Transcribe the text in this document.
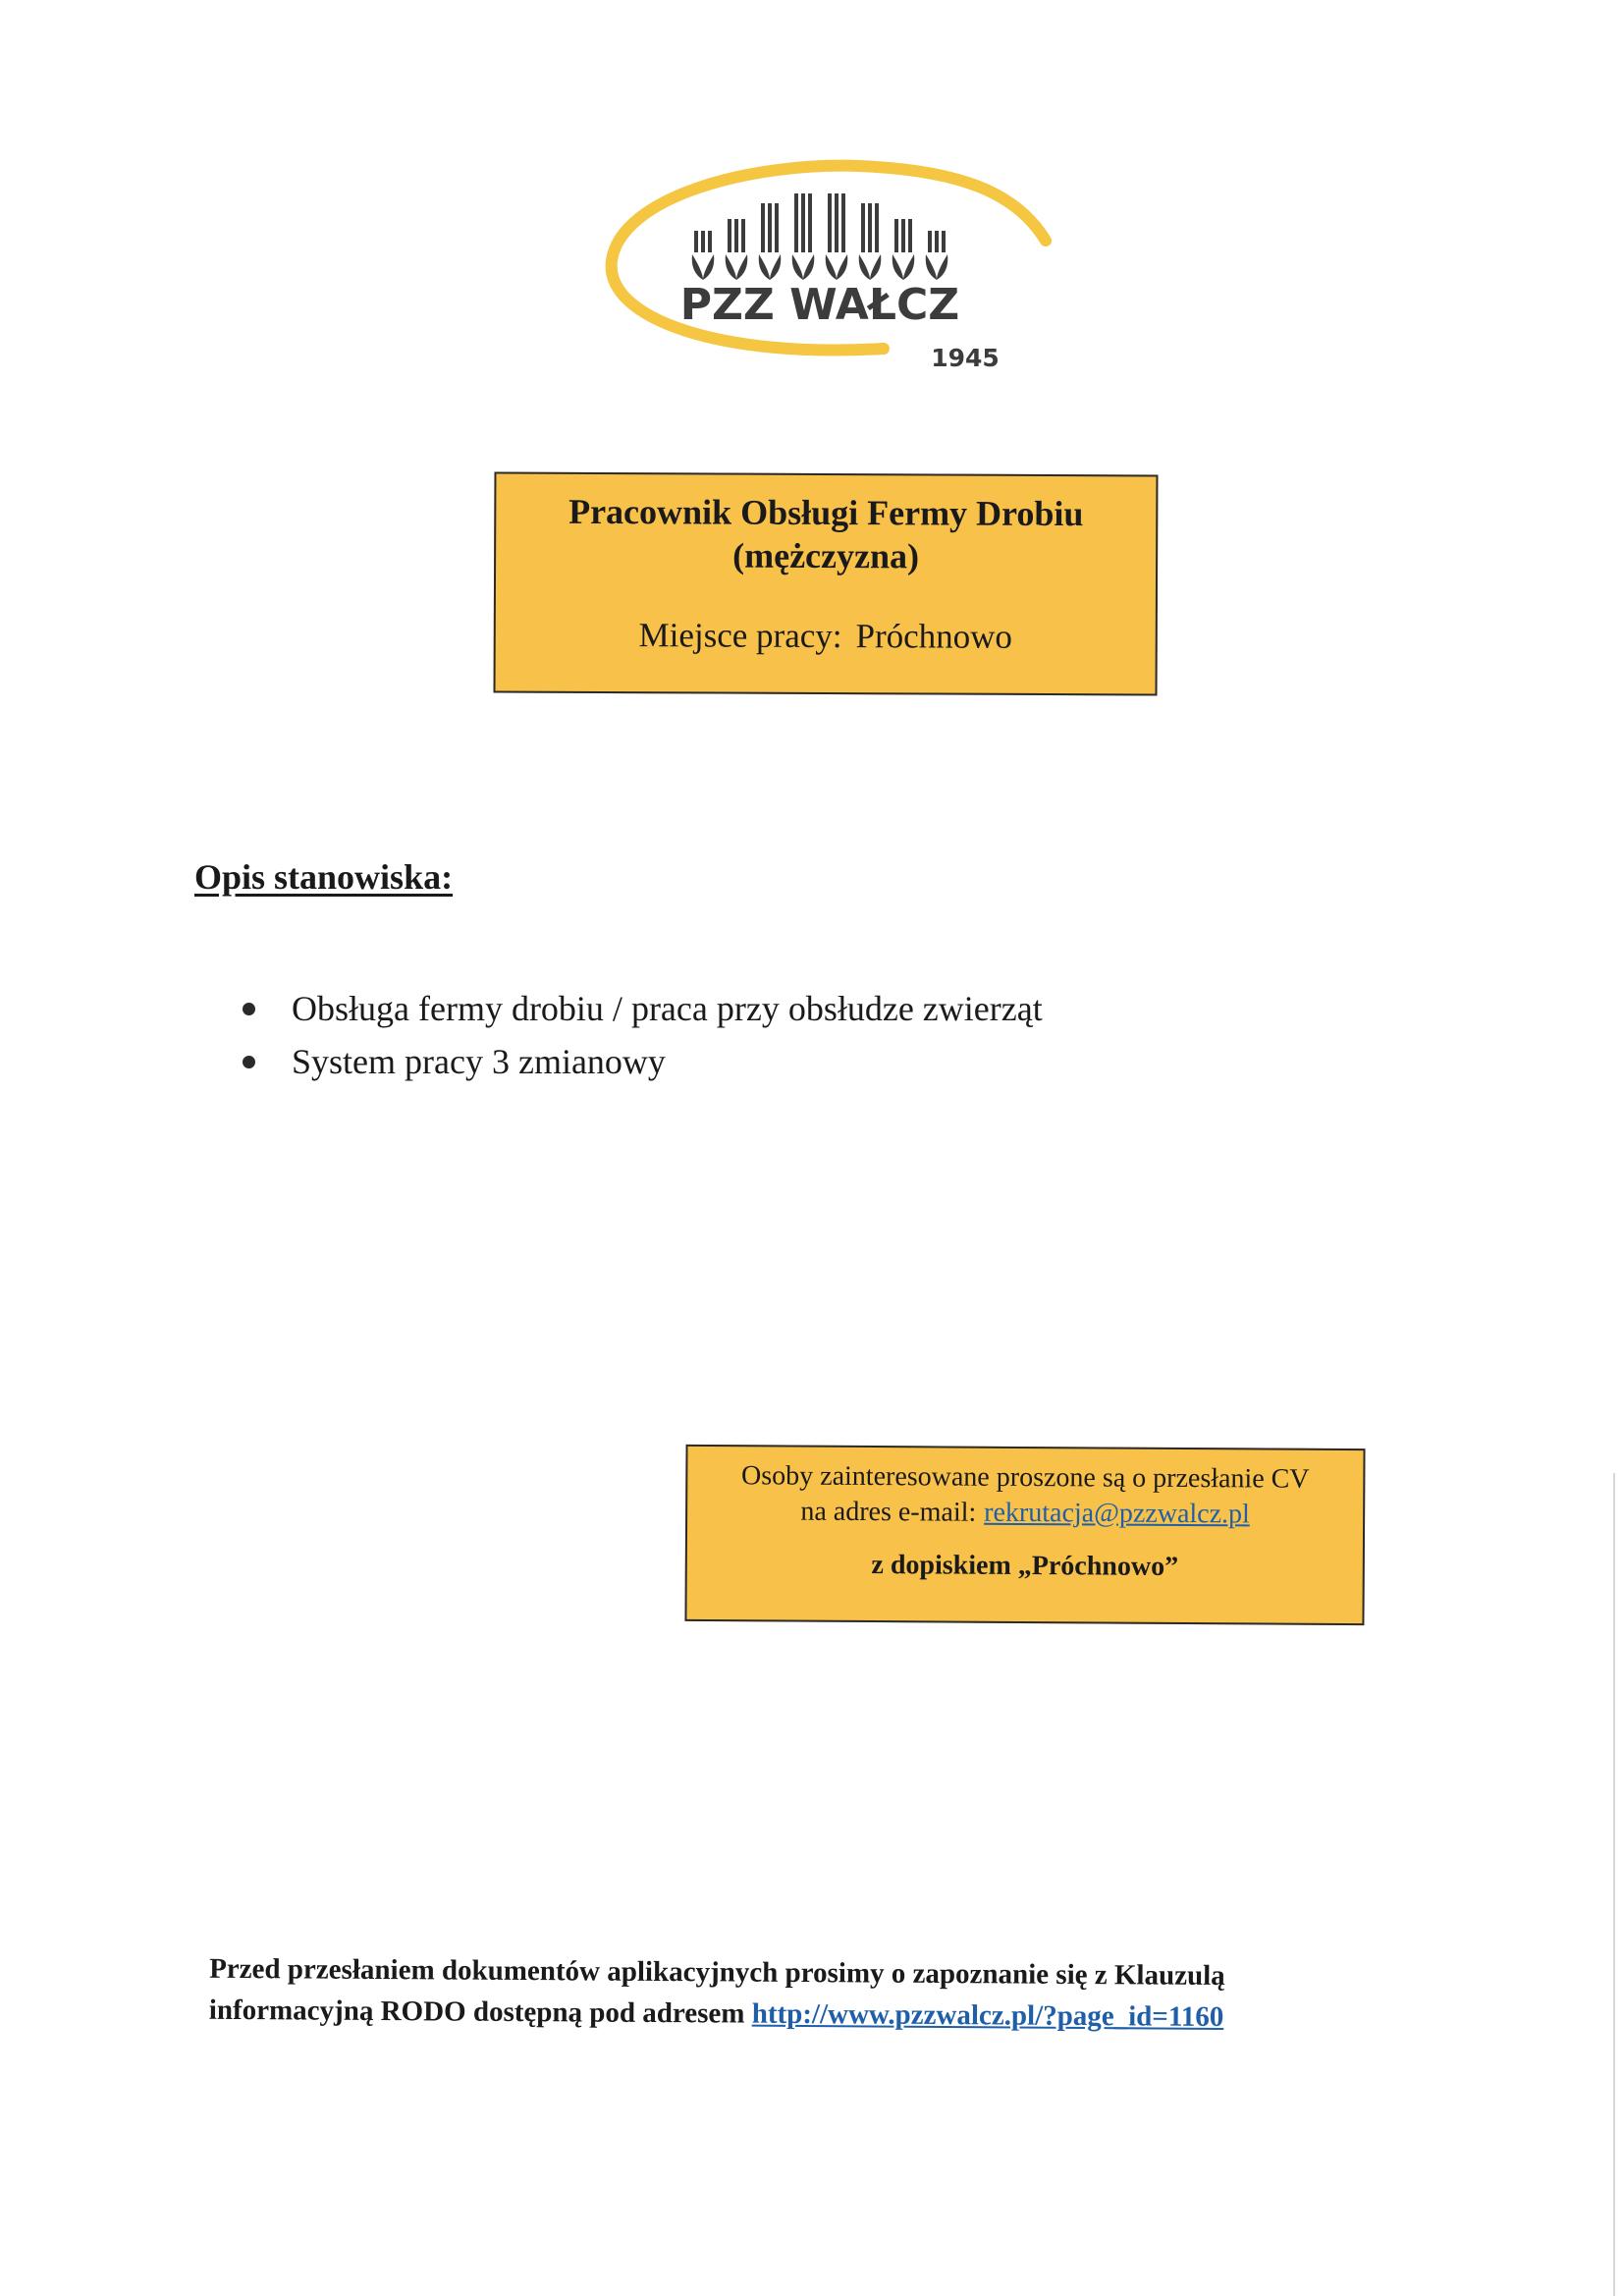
PZZ WAŁCZ
1945
Pracownik Obsługi Fermy Drobiu
(mężczyzna)
Miejsce pracy: Próchnowo
Opis stanowiska:
Obsługa fermy drobiu / praca przy obsłudze zwierząt
System pracy 3 zmianowy
Osoby zainteresowane proszone są o przesłanie CV
na adres e-mail: rekrutacja@pzzwalcz.pl
z dopiskiem „Próchnowo”
Przed przesłaniem dokumentów aplikacyjnych prosimy o zapoznanie się z Klauzulą
informacyjną RODO dostępną pod adresem http://www.pzzwalcz.pl/?page_id=1160
